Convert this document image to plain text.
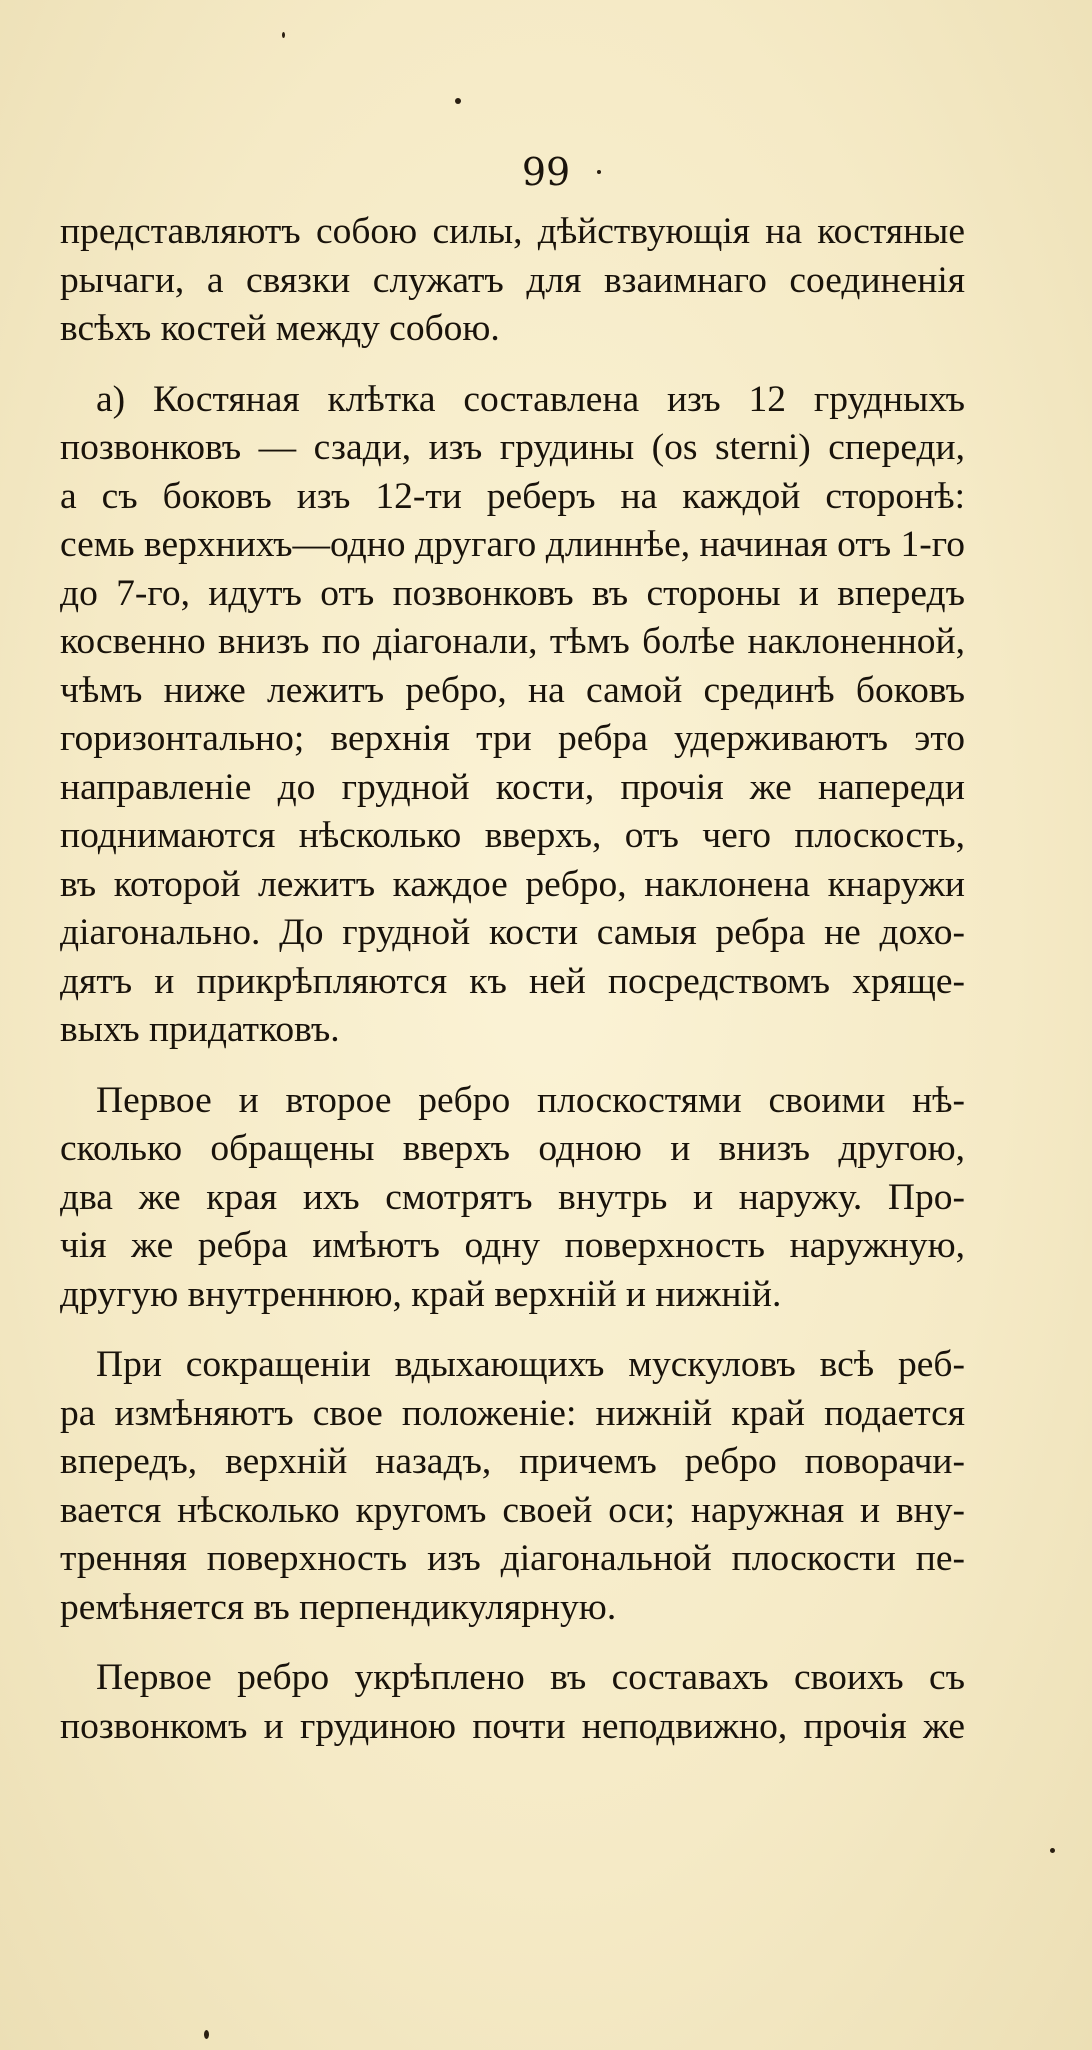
99

представляютъ собою силы, дѣйствующія на костяные
рычаги, а связки служатъ для взаимнаго соединенія
всѣхъ костей между собою.

а) Костяная клѣтка составлена изъ 12 грудныхъ
позвонковъ — сзади, изъ грудины (os sterni) спереди,
а съ боковъ изъ 12-ти реберъ на каждой сторонѣ:
семь верхнихъ—одно другаго длиннѣе, начиная отъ 1-го
до 7-го, идутъ отъ позвонковъ въ стороны и впередъ
косвенно внизъ по діагонали, тѣмъ болѣе наклоненной,
чѣмъ ниже лежитъ ребро, на самой срединѣ боковъ
горизонтально; верхнія три ребра удерживаютъ это
направленіе до грудной кости, прочія же напереди
поднимаются нѣсколько вверхъ, отъ чего плоскость,
въ которой лежитъ каждое ребро, наклонена кнаружи
діагонально. До грудной кости самыя ребра не дохо-
дятъ и прикрѣпляются къ ней посредствомъ хряще-
выхъ придатковъ.

Первое и второе ребро плоскостями своими нѣ-
сколько обращены вверхъ одною и внизъ другою,
два же края ихъ смотрятъ внутрь и наружу. Про-
чія же ребра имѣютъ одну поверхность наружную,
другую внутреннюю, край верхній и нижній.

При сокращеніи вдыхающихъ мускуловъ всѣ реб-
ра измѣняютъ свое положеніе: нижній край подается
впередъ, верхній назадъ, причемъ ребро поворачи-
вается нѣсколько кругомъ своей оси; наружная и вну-
тренняя поверхность изъ діагональной плоскости пе-
ремѣняется въ перпендикулярную.

Первое ребро укрѣплено въ составахъ своихъ съ
позвонкомъ и грудиною почти неподвижно, прочія же
